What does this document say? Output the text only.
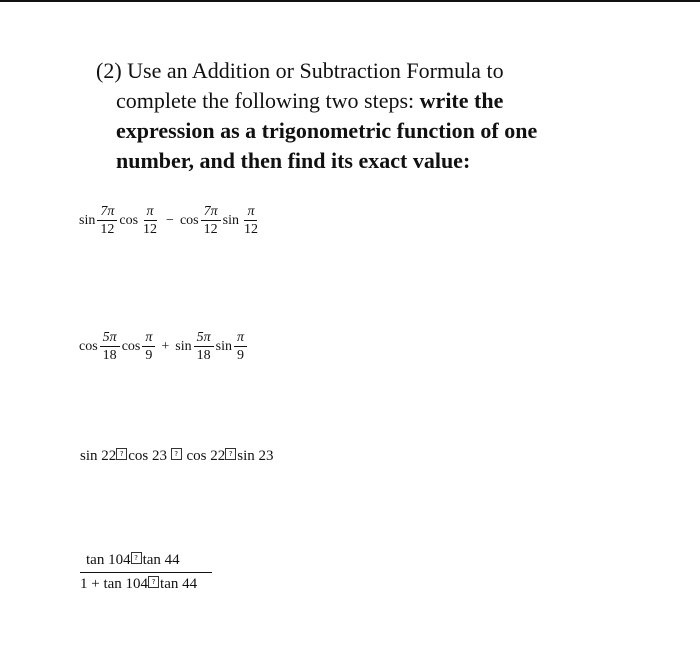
(2) Use an Addition or Subtraction Formula to
complete the following two steps: write the
expression as a trigonometric function of one
number, and then find its exact value:
$\sin \frac{7\pi}{12}$ $\cos \frac{\pi}{12} - \cos \frac{7\pi}{12}$ $\sin \frac{\pi}{12}$
$\cos \frac{5\pi}{18}$ $\cos \frac{\pi}{9} + \sin \frac{5\pi}{18}$ $\sin \frac{\pi}{9}$
sin 22 ? cos 23 ? cos 22 ? sin 23
$\frac{\tan 104 ? \tan 44}{1 + \tan 104 ? \tan 44}$
